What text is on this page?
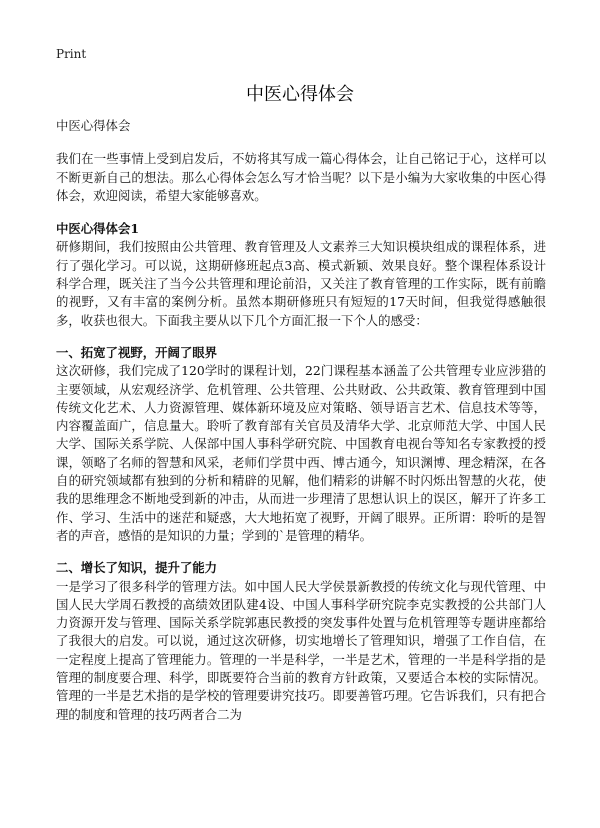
Print
中医心得体会

中医心得体会

我们在一些事情上受到启发后，不妨将其写成一篇心得体会，让自己铭记于心，这样可以不断更新自己的想法。那么心得体会怎么写才恰当呢？以下是小编为大家收集的中医心得体会，欢迎阅读，希望大家能够喜欢。

中医心得体会1

研修期间，我们按照由公共管理、教育管理及人文素养三大知识模块组成的课程体系，进行了强化学习。可以说，这期研修班起点3高、模式新颖、效果良好。整个课程体系设计科学合理，既关注了当今公共管理和理论前沿，又关注了教育管理的工作实际，既有前瞻的视野，又有丰富的案例分析。虽然本期研修班只有短短的17天时间，但我觉得感触很多，收获也很大。下面我主要从以下几个方面汇报一下个人的感受：

一、拓宽了视野，开阔了眼界

这次研修，我们完成了120学时的课程计划，22门课程基本涵盖了公共管理专业应涉猎的主要领域，从宏观经济学、危机管理、公共管理、公共财政、公共政策、教育管理到中国传统文化艺术、人力资源管理、媒体新环境及应对策略、领导语言艺术、信息技术等等，内容覆盖面广，信息量大。聆听了教育部有关官员及清华大学、北京师范大学、中国人民大学、国际关系学院、人保部中国人事科学研究院、中国教育电视台等知名专家教授的授课，领略了名师的智慧和风采，老师们学贯中西、博古通今，知识渊博、理念精深，在各自的研究领域都有独到的分析和精辟的见解，他们精彩的讲解不时闪烁出智慧的火花，使我的思维理念不断地受到新的冲击，从而进一步理清了思想认识上的误区，解开了许多工作、学习、生活中的迷茫和疑惑，大大地拓宽了视野，开阔了眼界。正所谓：聆听的是智者的声音，感悟的是知识的力量；学到的`是管理的精华。

二、增长了知识，提升了能力

一是学习了很多科学的管理方法。如中国人民大学侯景新教授的传统文化与现代管理、中国人民大学周石教授的高绩效团队建4设、中国人事科学研究院李克实教授的公共部门人力资源开发与管理、国际关系学院郭惠民教授的突发事件处置与危机管理等专题讲座都给了我很大的启发。可以说，通过这次研修，切实地增长了管理知识，增强了工作自信，在一定程度上提高了管理能力。管理的一半是科学，一半是艺术，管理的一半是科学指的是管理的制度要合理、科学，即既要符合当前的教育方针政策，又要适合本校的实际情况。管理的一半是艺术指的是学校的管理要讲究技巧。即要善管巧理。它告诉我们，只有把合理的制度和管理的技巧两者合二为
